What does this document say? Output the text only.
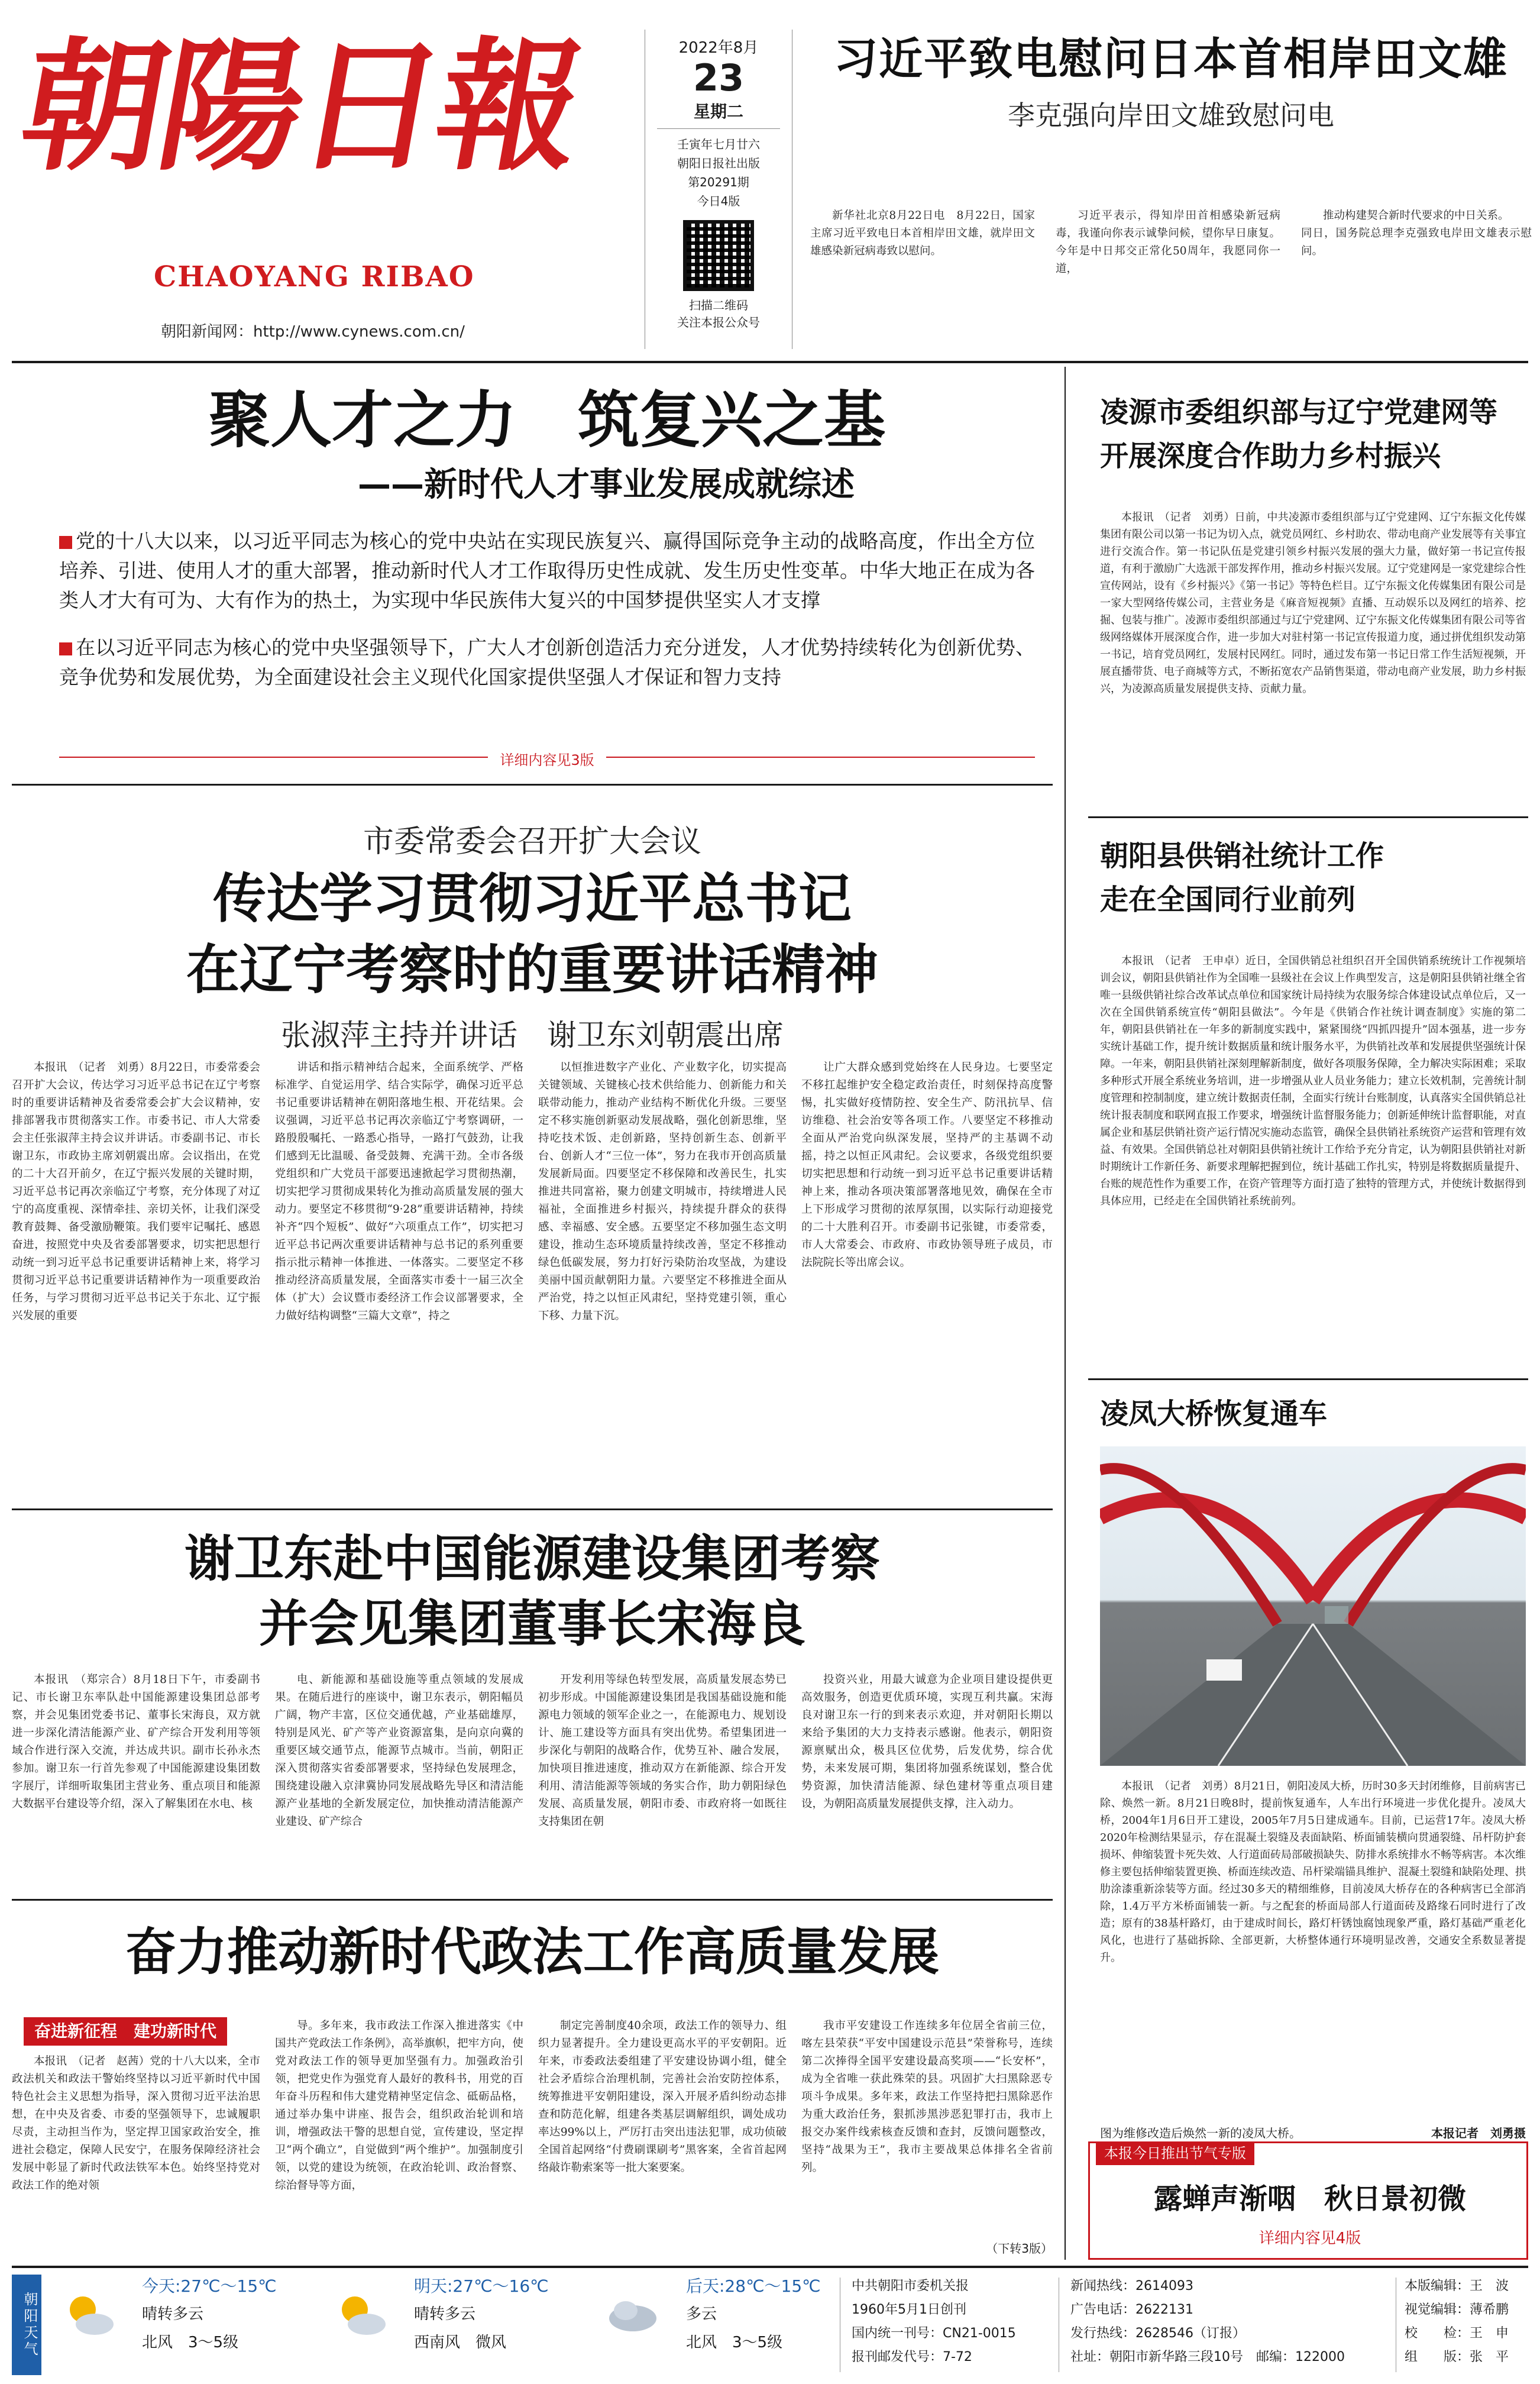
朝陽日報
CHAOYANG RIBAO
朝阳新闻网：http://www.cynews.com.cn/
2022年8月
23
星期二
壬寅年七月廿六
朝阳日报社出版
第20291期
今日4版
扫描二维码
关注本报公众号
习近平致电慰问日本首相岸田文雄
李克强向岸田文雄致慰问电
新华社北京8月22日电　8月22日，国家主席习近平致电日本首相岸田文雄，就岸田文雄感染新冠病毒致以慰问。
习近平表示，得知岸田首相感染新冠病毒，我谨向你表示诚挚问候，望你早日康复。今年是中日邦交正常化50周年，我愿同你一道，
推动构建契合新时代要求的中日关系。
同日，国务院总理李克强致电岸田文雄表示慰问。
聚人才之力　筑复兴之基
——新时代人才事业发展成就综述
党的十八大以来，以习近平同志为核心的党中央站在实现民族复兴、赢得国际竞争主动的战略高度，作出全方位培养、引进、使用人才的重大部署，推动新时代人才工作取得历史性成就、发生历史性变革。中华大地正在成为各类人才大有可为、大有作为的热土，为实现中华民族伟大复兴的中国梦提供坚实人才支撑
在以习近平同志为核心的党中央坚强领导下，广大人才创新创造活力充分迸发，人才优势持续转化为创新优势、竞争优势和发展优势，为全面建设社会主义现代化国家提供坚强人才保证和智力支持
详细内容见3版
市委常委会召开扩大会议
传达学习贯彻习近平总书记
在辽宁考察时的重要讲话精神
张淑萍主持并讲话　谢卫东刘朝震出席
本报讯　（记者　刘勇）8月22日，市委常委会召开扩大会议，传达学习习近平总书记在辽宁考察时的重要讲话精神及省委常委会扩大会议精神，安排部署我市贯彻落实工作。市委书记、市人大常委会主任张淑萍主持会议并讲话。市委副书记、市长谢卫东，市政协主席刘朝震出席。会议指出，在党的二十大召开前夕，在辽宁振兴发展的关键时期，习近平总书记再次亲临辽宁考察，充分体现了对辽宁的高度重视、深情牵挂、亲切关怀，让我们深受教育鼓舞、备受激励鞭策。我们要牢记嘱托、感恩奋进，按照党中央及省委部署要求，切实把思想行动统一到习近平总书记重要讲话精神上来，将学习贯彻习近平总书记重要讲话精神作为一项重要政治任务，与学习贯彻习近平总书记关于东北、辽宁振兴发展的重要
讲话和指示精神结合起来，全面系统学、严格标准学、自觉运用学、结合实际学，确保习近平总书记重要讲话精神在朝阳落地生根、开花结果。会议强调，习近平总书记再次亲临辽宁考察调研，一路殷殷嘱托、一路悉心指导，一路打气鼓劲，让我们感到无比温暖、备受鼓舞、充满干劲。全市各级党组织和广大党员干部要迅速掀起学习贯彻热潮，切实把学习贯彻成果转化为推动高质量发展的强大动力。要坚定不移贯彻“9·28”重要讲话精神，持续补齐“四个短板”、做好“六项重点工作”，切实把习近平总书记两次重要讲话精神与总书记的系列重要指示批示精神一体推进、一体落实。二要坚定不移推动经济高质量发展，全面落实市委十一届三次全体（扩大）会议暨市委经济工作会议部署要求，全力做好结构调整“三篇大文章”，持之
以恒推进数字产业化、产业数字化，切实提高关键领域、关键核心技术供给能力、创新能力和关联带动能力，推动产业结构不断优化升级。三要坚定不移实施创新驱动发展战略，强化创新思维，坚持吃技术饭、走创新路，坚持创新生态、创新平台、创新人才“三位一体”，努力在我市开创高质量发展新局面。四要坚定不移保障和改善民生，扎实推进共同富裕，聚力创建文明城市，持续增进人民福祉，全面推进乡村振兴，持续提升群众的获得感、幸福感、安全感。五要坚定不移加强生态文明建设，推动生态环境质量持续改善，坚定不移推动绿色低碳发展，努力打好污染防治攻坚战，为建设美丽中国贡献朝阳力量。六要坚定不移推进全面从严治党，持之以恒正风肃纪，坚持党建引领，重心下移、力量下沉。
让广大群众感到党始终在人民身边。七要坚定不移扛起维护安全稳定政治责任，时刻保持高度警惕，扎实做好疫情防控、安全生产、防汛抗旱、信访维稳、社会治安等各项工作。八要坚定不移推动全面从严治党向纵深发展，坚持严的主基调不动摇，持之以恒正风肃纪。会议要求，各级党组织要切实把思想和行动统一到习近平总书记重要讲话精神上来，推动各项决策部署落地见效，确保在全市上下形成学习贯彻的浓厚氛围，以实际行动迎接党的二十大胜利召开。市委副书记张键，市委常委，市人大常委会、市政府、市政协领导班子成员，市法院院长等出席会议。
谢卫东赴中国能源建设集团考察
并会见集团董事长宋海良
本报讯　（郑宗合）8月18日下午，市委副书记、市长谢卫东率队赴中国能源建设集团总部考察，并会见集团党委书记、董事长宋海良，双方就进一步深化清洁能源产业、矿产综合开发利用等领域合作进行深入交流，并达成共识。副市长孙永杰参加。谢卫东一行首先参观了中国能源建设集团数字展厅，详细听取集团主营业务、重点项目和能源大数据平台建设等介绍，深入了解集团在水电、核
电、新能源和基础设施等重点领域的发展成果。在随后进行的座谈中，谢卫东表示，朝阳幅员广阔，物产丰富，区位交通优越，产业基础雄厚，特别是风光、矿产等产业资源富集，是向京向冀的重要区域交通节点，能源节点城市。当前，朝阳正深入贯彻落实省委部署要求，坚持绿色发展理念，围绕建设融入京津冀协同发展战略先导区和清洁能源产业基地的全新发展定位，加快推动清洁能源产业建设、矿产综合
开发利用等绿色转型发展，高质量发展态势已初步形成。中国能源建设集团是我国基础设施和能源电力领域的领军企业之一，在能源电力、规划设计、施工建设等方面具有突出优势。希望集团进一步深化与朝阳的战略合作，优势互补、融合发展，加快项目推进速度，推动双方在新能源、综合开发利用、清洁能源等领域的务实合作，助力朝阳绿色发展、高质量发展，朝阳市委、市政府将一如既往支持集团在朝
投资兴业，用最大诚意为企业项目建设提供更高效服务，创造更优质环境，实现互利共赢。宋海良对谢卫东一行的到来表示欢迎，并对朝阳长期以来给予集团的大力支持表示感谢。他表示，朝阳资源禀赋出众，极具区位优势，后发优势，综合优势，未来发展可期，集团将加强系统谋划，整合优势资源，加快清洁能源、绿色建材等重点项目建设，为朝阳高质量发展提供支撑，注入动力。
奋力推动新时代政法工作高质量发展
奋进新征程　建功新时代
本报讯　（记者　赵茜）党的十八大以来，全市政法机关和政法干警始终坚持以习近平新时代中国特色社会主义思想为指导，深入贯彻习近平法治思想，在中央及省委、市委的坚强领导下，忠诚履职尽责，主动担当作为，坚定捍卫国家政治安全，推进社会稳定，保障人民安宁，在服务保障经济社会发展中彰显了新时代政法铁军本色。始终坚持党对政法工作的绝对领
导。多年来，我市政法工作深入推进落实《中国共产党政法工作条例》，高举旗帜，把牢方向，使党对政法工作的领导更加坚强有力。加强政治引领，把党史作为强党育人最好的教科书，用党的百年奋斗历程和伟大建党精神坚定信念、砥砺品格，通过举办集中讲座、报告会，组织政治轮训和培训，增强政法干警的思想自觉，宣传建设，坚定捍卫“两个确立”，自觉做到“两个维护”。加强制度引领，以党的建设为统领，在政治轮训、政治督察、综治督导等方面，
制定完善制度40余项，政法工作的领导力、组织力显著提升。全力建设更高水平的平安朝阳。近年来，市委政法委组建了平安建设协调小组，健全社会矛盾综合治理机制，完善社会治安防控体系，统筹推进平安朝阳建设，深入开展矛盾纠纷动态排查和防范化解，组建各类基层调解组织，调处成功率达99%以上，严厉打击突出违法犯罪，成功侦破全国首起网络“付费刷课刷考”黑客案，全省首起网络敲诈勒索案等一批大案要案。
我市平安建设工作连续多年位居全省前三位，喀左县荣获“平安中国建设示范县”荣誉称号，连续第二次捧得全国平安建设最高奖项——“长安杯”，成为全省唯一获此殊荣的县。巩固扩大扫黑除恶专项斗争成果。多年来，政法工作坚持把扫黑除恶作为重大政治任务，狠抓涉黑涉恶犯罪打击，我市上报交办案件线索核查反馈和查封，反馈问题整改，坚持“战果为王”，我市主要战果总体排名全省前列。
（下转3版）
凌源市委组织部与辽宁党建网等
开展深度合作助力乡村振兴
本报讯　（记者　刘勇）日前，中共凌源市委组织部与辽宁党建网、辽宁东振文化传媒集团有限公司以第一书记为切入点，就党员网红、乡村助农、带动电商产业发展等有关事宜进行交流合作。第一书记队伍是党建引领乡村振兴发展的强大力量，做好第一书记宣传报道，有利于激励广大选派干部发挥作用，推动乡村振兴发展。辽宁党建网是一家党建综合性宣传网站，设有《乡村振兴》《第一书记》等特色栏目。辽宁东振文化传媒集团有限公司是一家大型网络传媒公司，主营业务是《麻音短视频》直播、互动娱乐以及网红的培养、挖掘、包装与推广。凌源市委组织部通过与辽宁党建网、辽宁东振文化传媒集团有限公司等省级网络媒体开展深度合作，进一步加大对驻村第一书记宣传报道力度，通过拼优组织发动第一书记，培育党员网红，发展村民网红。同时，通过发布第一书记日常工作生活短视频，开展直播带货、电子商城等方式，不断拓宽农产品销售渠道，带动电商产业发展，助力乡村振兴，为凌源高质量发展提供支持、贡献力量。
朝阳县供销社统计工作
走在全国同行业前列
本报讯　（记者　王申卓）近日，全国供销总社组织召开全国供销系统统计工作视频培训会议，朝阳县供销社作为全国唯一县级社在会议上作典型发言，这是朝阳县供销社继全省唯一县级供销社综合改革试点单位和国家统计局持续为农服务综合体建设试点单位后，又一次在全国供销系统宣传“朝阳县做法”。今年是《供销合作社统计调查制度》实施的第二年，朝阳县供销社在一年多的新制度实践中，紧紧围绕“四抓四提升”固本强基，进一步夯实统计基础工作，提升统计数据质量和统计服务水平，为供销社改革和发展提供坚强统计保障。一年来，朝阳县供销社深刻理解新制度，做好各项服务保障，全力解决实际困难；采取多种形式开展全系统业务培训，进一步增强从业人员业务能力；建立长效机制，完善统计制度管理和控制制度，建立统计数据责任制，全面实行统计台账制度，认真落实全国供销总社统计报表制度和联网直报工作要求，增强统计监督服务能力；创新延伸统计监督职能，对直属企业和基层供销社资产运行情况实施动态监管，确保全县供销社系统资产运营和管理有效益、有效果。全国供销总社对朝阳县供销社统计工作给予充分肯定，认为朝阳县供销社对新时期统计工作新任务、新要求理解把握到位，统计基础工作扎实，特别是将数据质量提升、台账的规范性作为重要工作，在资产管理等方面打造了独特的管理方式，并使统计数据得到具体应用，已经走在全国供销社系统前列。
凌凤大桥恢复通车
本报讯　（记者　刘勇）8月21日，朝阳凌凤大桥，历时30多天封闭维修，目前病害已除、焕然一新。8月21日晚8时，提前恢复通车，人车出行环境进一步优化提升。凌凤大桥，2004年1月6日开工建设，2005年7月5日建成通车。目前，已运营17年。凌凤大桥2020年检测结果显示，存在混凝土裂缝及表面缺陷、桥面铺装横向贯通裂缝、吊杆防护套损坏、伸缩装置卡死失效、人行道面砖局部破损缺失、防排水系统排水不畅等病害。本次维修主要包括伸缩装置更换、桥面连续改造、吊杆梁端锚具维护、混凝土裂缝和缺陷处理、拱肋涂漆重新涂装等方面。经过30多天的精细维修，目前凌凤大桥存在的各种病害已全部消除，1.4万平方米桥面铺装一新。与之配套的桥面局部人行道面砖及路缘石同时进行了改造；原有的38基杆路灯，由于建成时间长，路灯杆锈蚀腐蚀现象严重，路灯基础严重老化风化，也进行了基础拆除、全部更新，大桥整体通行环境明显改善，交通安全系数显著提升。
图为维修改造后焕然一新的凌凤大桥。	本报记者　刘勇摄
本报今日推出节气专版
露蝉声渐咽　秋日景初微
详细内容见4版
朝阳天气
今天:27℃～15℃
晴转多云
北风　3～5级
明天:27℃～16℃
晴转多云
西南风　微风
后天:28℃～15℃
多云
北风　3～5级
中共朝阳市委机关报
1960年5月1日创刊
国内统一刊号：CN21-0015
报刊邮发代号：7-72
新闻热线：2614093
广告电话：2622131
发行热线：2628546（订报）
社址：朝阳市新华路三段10号　邮编：122000
本版编辑：王　波
视觉编辑：薄希鹏
校　　检：王　申
组　　版：张　平
